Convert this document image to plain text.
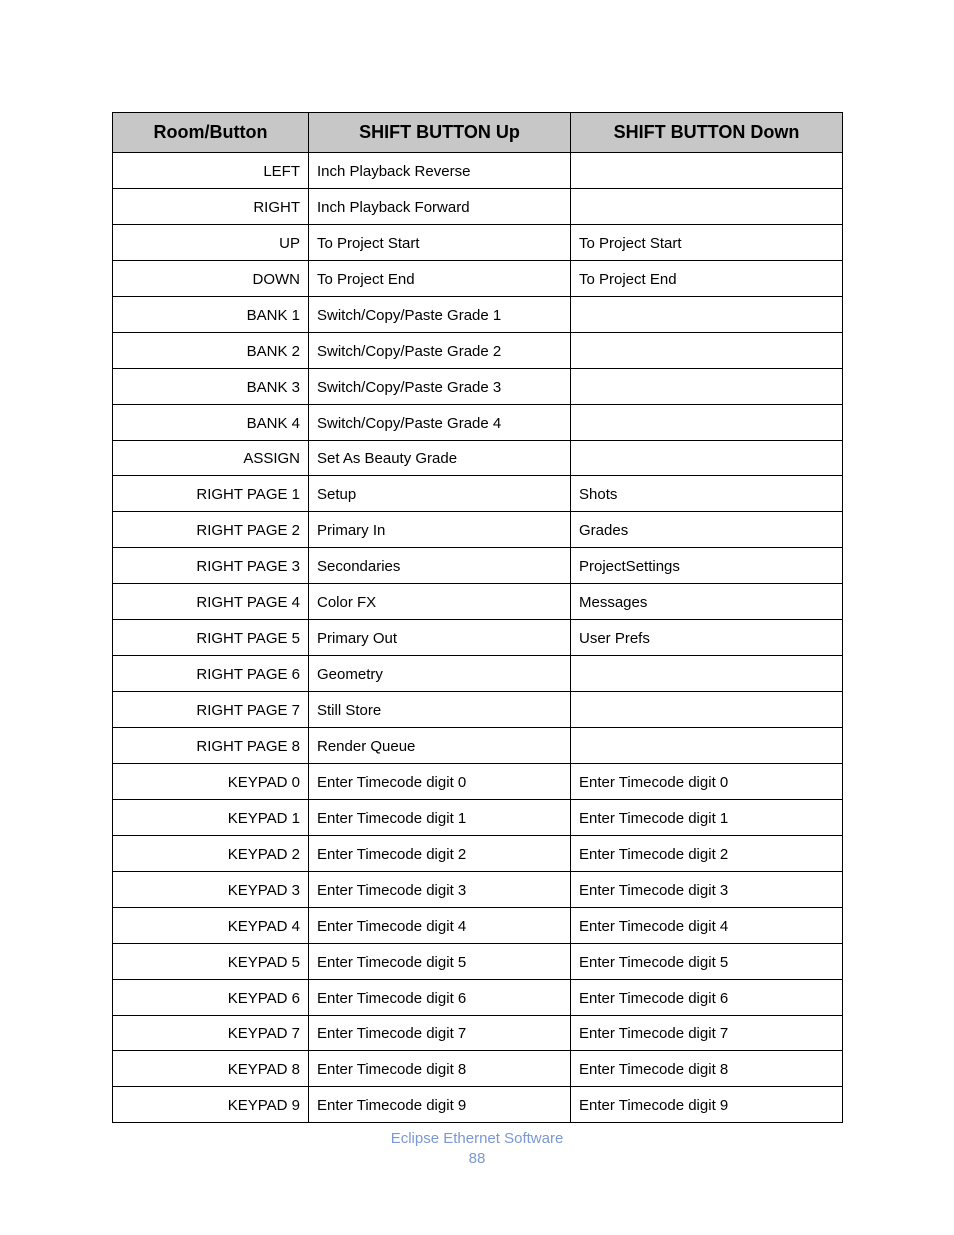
Room/Button	SHIFT BUTTON Up	SHIFT BUTTON Down
LEFT	Inch Playback Reverse	
RIGHT	Inch Playback Forward	
UP	To Project Start	To Project Start
DOWN	To Project End	To Project End
BANK 1	Switch/Copy/Paste Grade 1	
BANK 2	Switch/Copy/Paste Grade 2	
BANK 3	Switch/Copy/Paste Grade 3	
BANK 4	Switch/Copy/Paste Grade 4	
ASSIGN	Set As Beauty Grade	
RIGHT PAGE 1	Setup	Shots
RIGHT PAGE 2	Primary In	Grades
RIGHT PAGE 3	Secondaries	ProjectSettings
RIGHT PAGE 4	Color FX	Messages
RIGHT PAGE 5	Primary Out	User Prefs
RIGHT PAGE 6	Geometry	
RIGHT PAGE 7	Still Store	
RIGHT PAGE 8	Render Queue	
KEYPAD 0	Enter Timecode digit 0	Enter Timecode digit 0
KEYPAD 1	Enter Timecode digit 1	Enter Timecode digit 1
KEYPAD 2	Enter Timecode digit 2	Enter Timecode digit 2
KEYPAD 3	Enter Timecode digit 3	Enter Timecode digit 3
KEYPAD 4	Enter Timecode digit 4	Enter Timecode digit 4
KEYPAD 5	Enter Timecode digit 5	Enter Timecode digit 5
KEYPAD 6	Enter Timecode digit 6	Enter Timecode digit 6
KEYPAD 7	Enter Timecode digit 7	Enter Timecode digit 7
KEYPAD 8	Enter Timecode digit 8	Enter Timecode digit 8
KEYPAD 9	Enter Timecode digit 9	Enter Timecode digit 9
Eclipse Ethernet Software
88
